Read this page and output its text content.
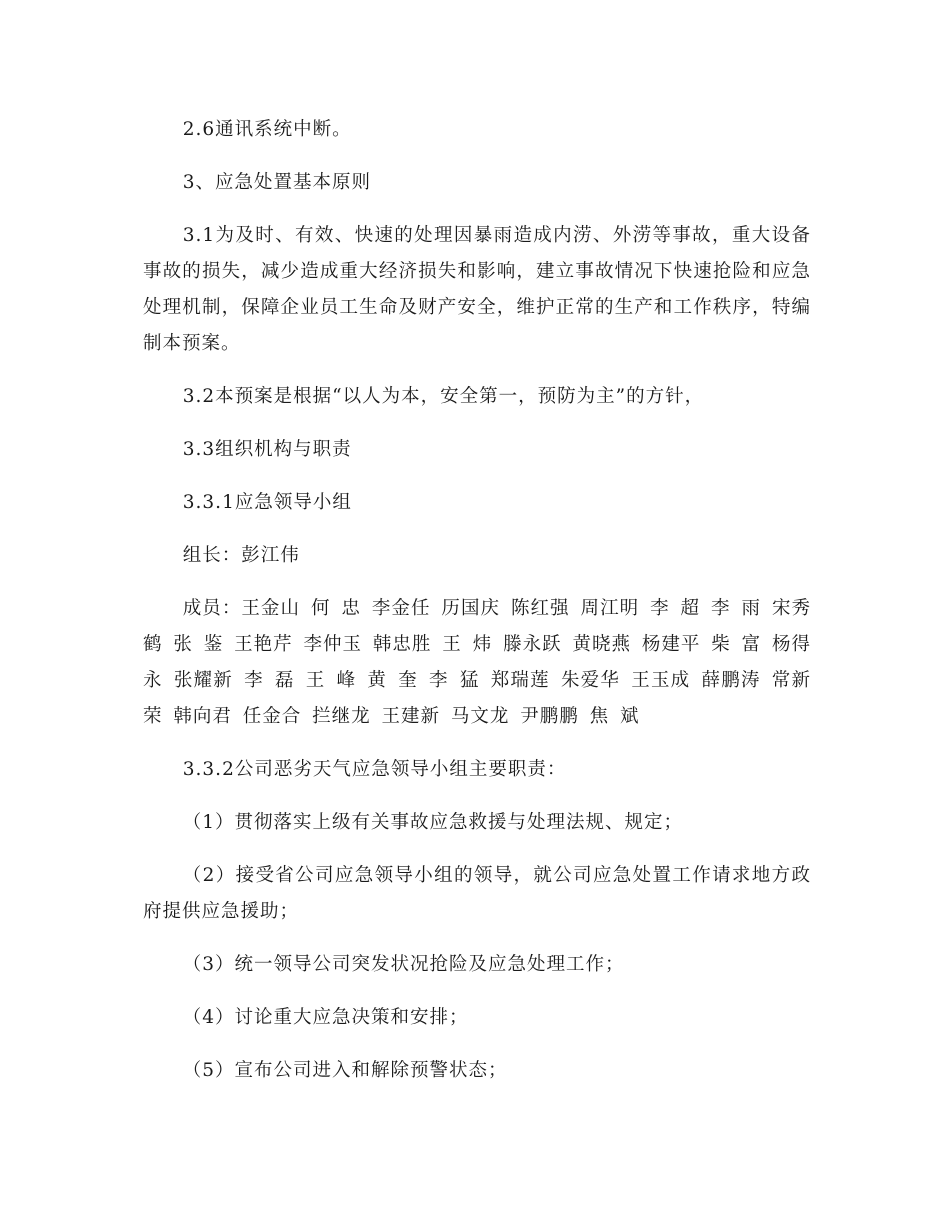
2.6通讯系统中断。

3、应急处置基本原则

3.1为及时、有效、快速的处理因暴雨造成内涝、外涝等事故，重大设备事故的损失，减少造成重大经济损失和影响，建立事故情况下快速抢险和应急处理机制，保障企业员工生命及财产安全，维护正常的生产和工作秩序，特编制本预案。

3.2本预案是根据“以人为本，安全第一，预防为主”的方针，

3.3组织机构与职责

3.3.1应急领导小组

组长：彭江伟

成员：王金山 何 忠 李金任 历国庆 陈红强 周江明 李 超 李 雨 宋秀鹤 张 鉴 王艳芹 李仲玉 韩忠胜 王 炜 滕永跃 黄晓燕 杨建平 柴 富 杨得永 张耀新 李 磊 王 峰 黄 奎 李 猛 郑瑞莲 朱爱华 王玉成 薛鹏涛 常新荣 韩向君 任金合 拦继龙 王建新 马文龙 尹鹏鹏 焦 斌

3.3.2公司恶劣天气应急领导小组主要职责：

（1）贯彻落实上级有关事故应急救援与处理法规、规定；

（2）接受省公司应急领导小组的领导，就公司应急处置工作请求地方政府提供应急援助；

（3）统一领导公司突发状况抢险及应急处理工作；

（4）讨论重大应急决策和安排；

（5）宣布公司进入和解除预警状态；
